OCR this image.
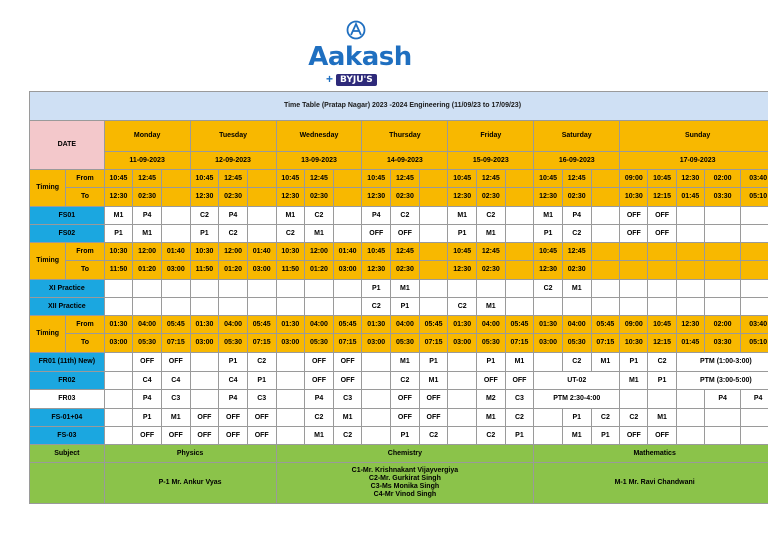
Aakash
+ BYJU'S
Time Table (Pratap Nagar) 2023 -2024 Engineering (11/09/23 to 17/09/23)																								
DATE		Monday			Tuesday			Wednesday			Thursday			Friday			Saturday			Sunday				
		11-09-2023			12-09-2023			13-09-2023			14-09-2023			15-09-2023			16-09-2023			17-09-2023				
Timing	From	10:45	12:45		10:45	12:45		10:45	12:45		10:45	12:45		10:45	12:45		10:45	12:45		09:00	10:45	12:30	02:00	03:40
	To	12:30	02:30		12:30	02:30		12:30	02:30		12:30	02:30		12:30	02:30		12:30	02:30		10:30	12:15	01:45	03:30	05:10
FS01		M1	P4		C2	P4		M1	C2		P4	C2		M1	C2		M1	P4		OFF	OFF			
FS02		P1	M1		P1	C2		C2	M1		OFF	OFF		P1	M1		P1	C2		OFF	OFF			
Timing	From	10:30	12:00	01:40	10:30	12:00	01:40	10:30	12:00	01:40	10:45	12:45		10:45	12:45		10:45	12:45						
	To	11:50	01:20	03:00	11:50	01:20	03:00	11:50	01:20	03:00	12:30	02:30		12:30	02:30		12:30	02:30						
XI Practice											P1	M1					C2	M1						
XII Practice											C2	P1		C2	M1									
Timing	From	01:30	04:00	05:45	01:30	04:00	05:45	01:30	04:00	05:45	01:30	04:00	05:45	01:30	04:00	05:45	01:30	04:00	05:45	09:00	10:45	12:30	02:00	03:40
	To	03:00	05:30	07:15	03:00	05:30	07:15	03:00	05:30	07:15	03:00	05:30	07:15	03:00	05:30	07:15	03:00	05:30	07:15	10:30	12:15	01:45	03:30	05:10
FR01 (11th) New)			OFF	OFF		P1	C2		OFF	OFF		M1	P1		P1	M1		C2	M1	P1	C2	PTM (1:00-3:00)		
FR02			C4	C4		C4	P1		OFF	OFF		C2	M1		OFF	OFF	UT-02			M1	P1	PTM (3:00-5:00)		
FR03			P4	C3		P4	C3		P4	C3		OFF	OFF		M2	C3	PTM 2:30-4:00						P4	P4
FS-01+04			P1	M1	OFF	OFF	OFF		C2	M1		OFF	OFF		M1	C2		P1	C2	C2	M1			
FS-03			OFF	OFF	OFF	OFF	OFF		M1	C2		P1	C2		C2	P1		M1	P1	OFF	OFF			
Subject		Physics						Chemistry									Mathematics							
		P-1 Mr. Ankur Vyas						C1-Mr. Krishnakant Vijayvergiya
C2-Mr. Gurkirat Singh
C3-Ms Monika Singh
C4-Mr Vinod Singh									M-1 Mr. Ravi Chandwani							
